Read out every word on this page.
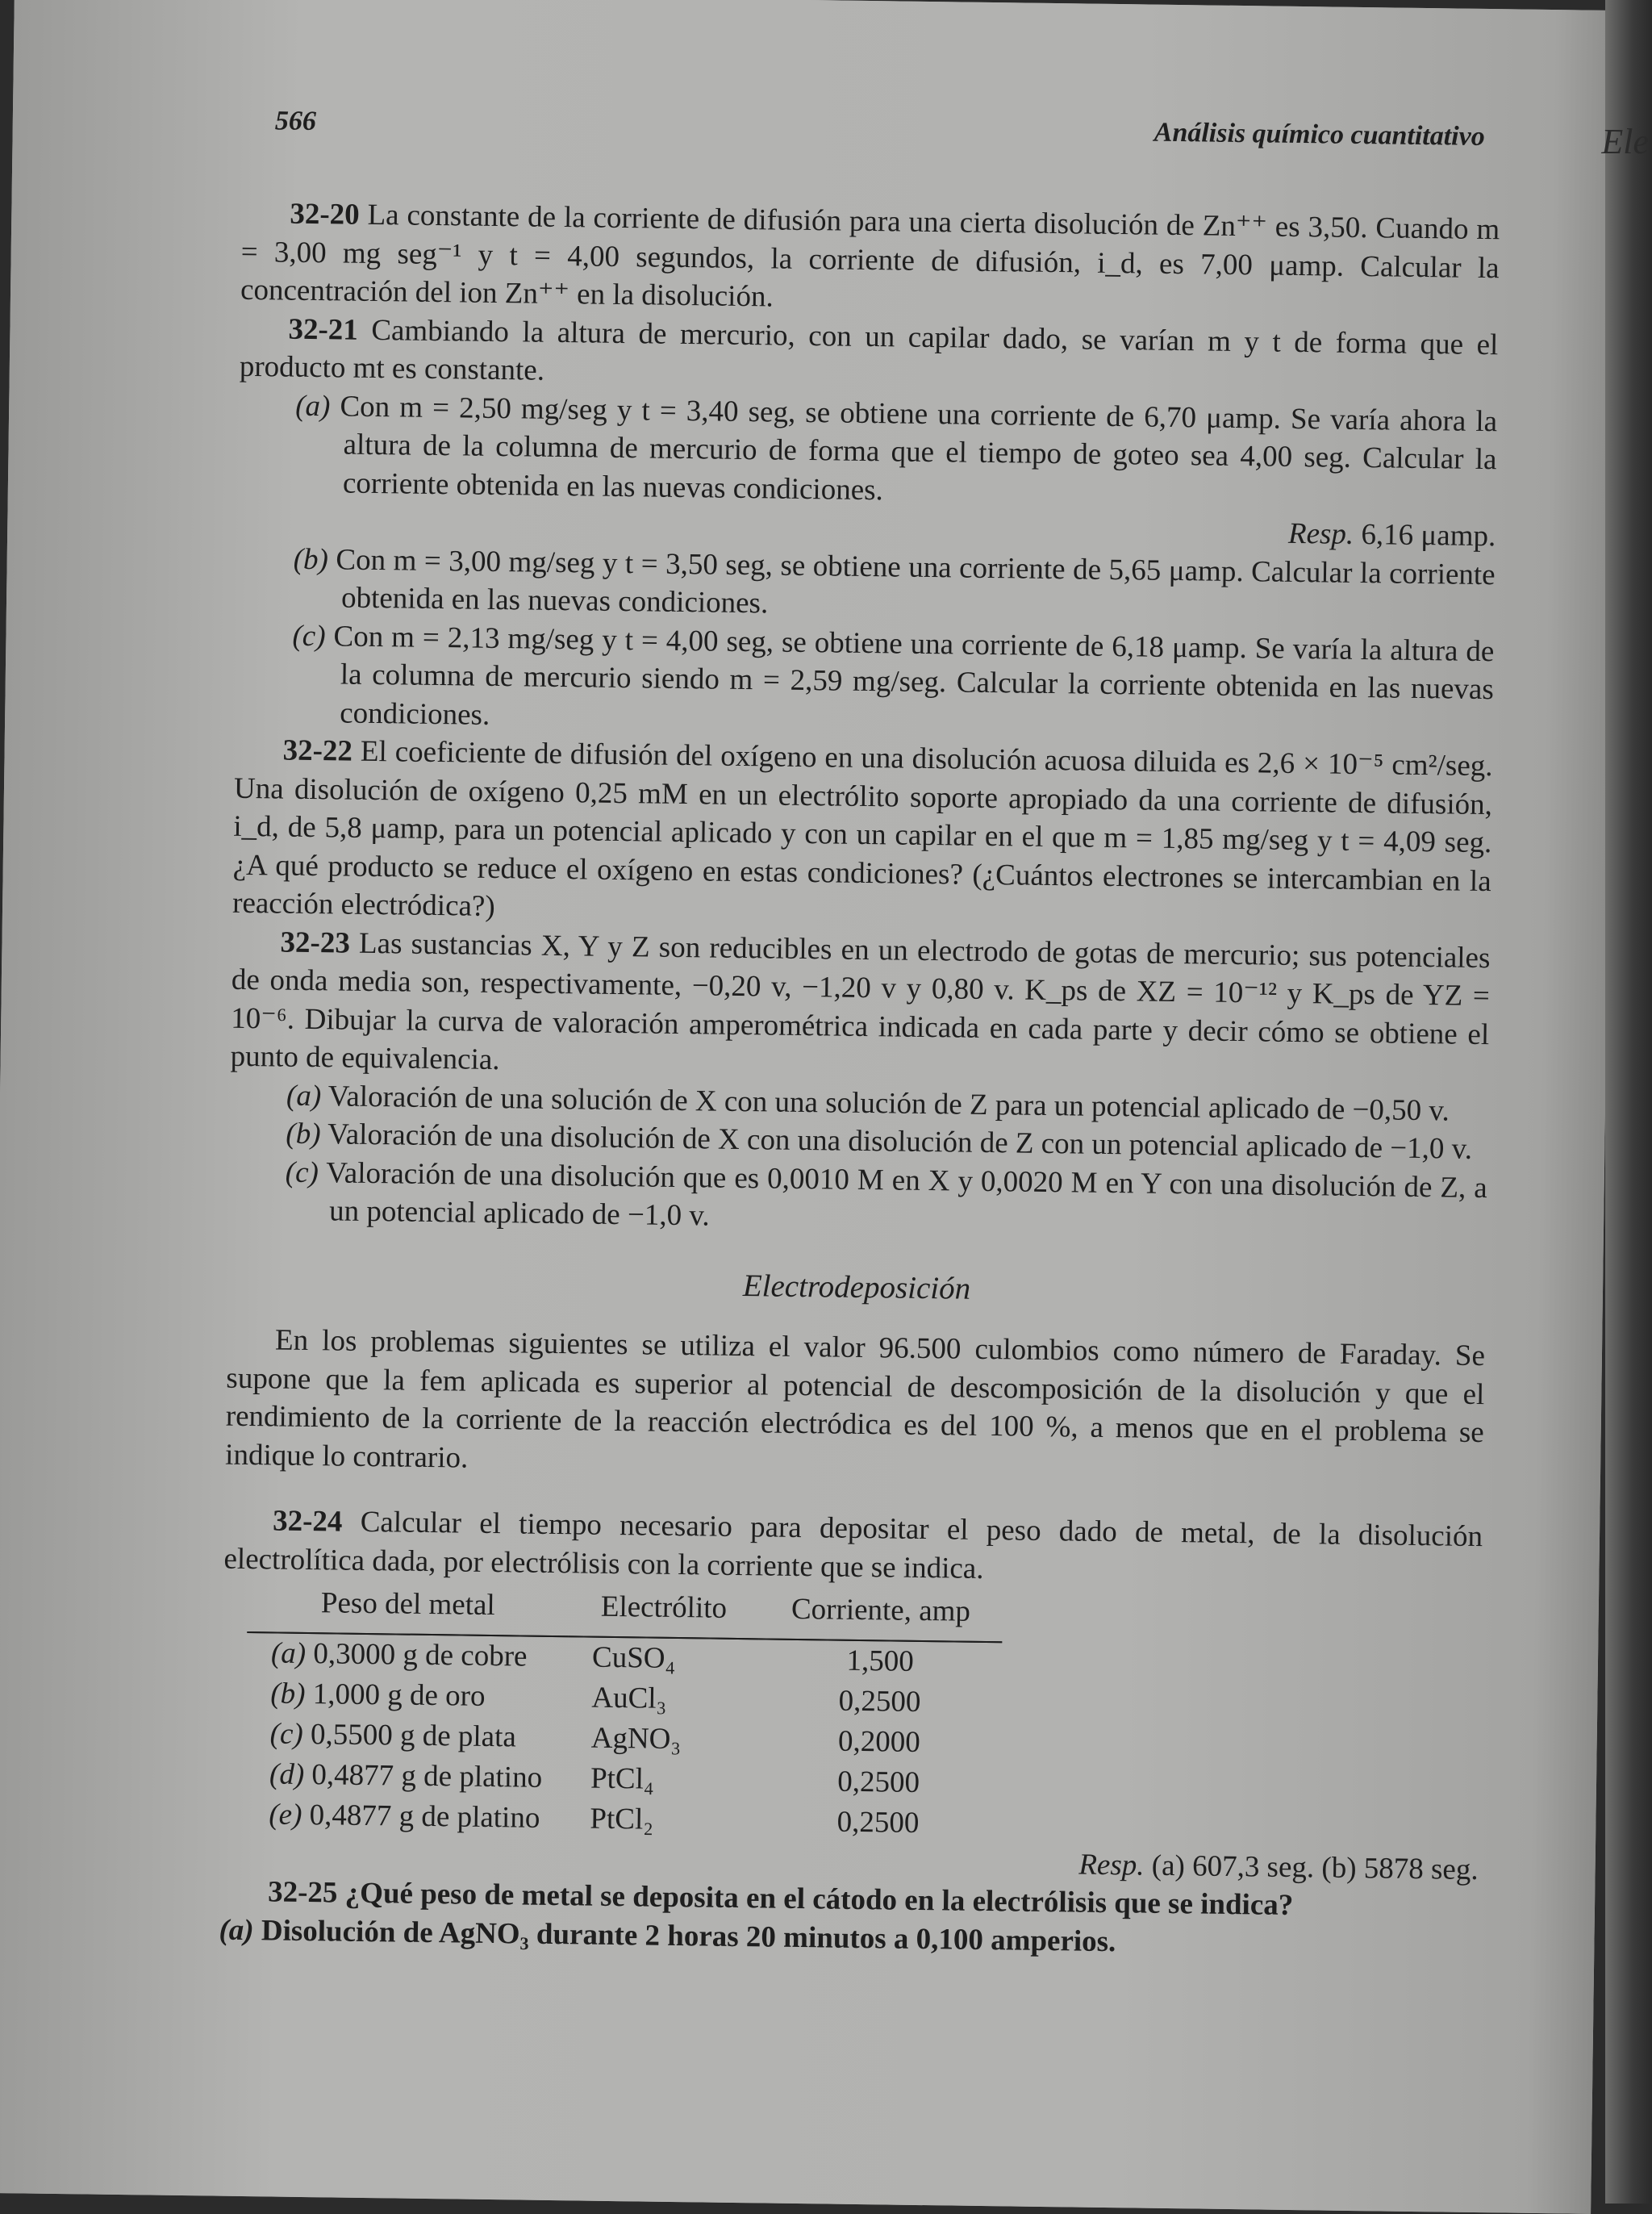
566	Análisis químico cuantitativo

32-20 La constante de la corriente de difusión para una cierta disolución de Zn⁺⁺ es 3,50. Cuando m = 3,00 mg seg⁻¹ y t = 4,00 segundos, la corriente de difusión, i_d, es 7,00 μamp. Calcular la concentración del ion Zn⁺⁺ en la disolución.

32-21 Cambiando la altura de mercurio, con un capilar dado, se varían m y t de forma que el producto mt es constante.

(a) Con m = 2,50 mg/seg y t = 3,40 seg, se obtiene una corriente de 6,70 μamp. Se varía ahora la altura de la columna de mercurio de forma que el tiempo de goteo sea 4,00 seg. Calcular la corriente obtenida en las nuevas condiciones.

Resp. 6,16 μamp.

(b) Con m = 3,00 mg/seg y t = 3,50 seg, se obtiene una corriente de 5,65 μamp. Calcular la corriente obtenida en las nuevas condiciones.

(c) Con m = 2,13 mg/seg y t = 4,00 seg, se obtiene una corriente de 6,18 μamp. Se varía la altura de la columna de mercurio siendo m = 2,59 mg/seg. Calcular la corriente obtenida en las nuevas condiciones.

32-22 El coeficiente de difusión del oxígeno en una disolución acuosa diluida es 2,6 × 10⁻⁵ cm²/seg. Una disolución de oxígeno 0,25 mM en un electrólito soporte apropiado da una corriente de difusión, i_d, de 5,8 μamp, para un potencial aplicado y con un capilar en el que m = 1,85 mg/seg y t = 4,09 seg. ¿A qué producto se reduce el oxígeno en estas condiciones? (¿Cuántos electrones se intercambian en la reacción electródica?)

32-23 Las sustancias X, Y y Z son reducibles en un electrodo de gotas de mercurio; sus potenciales de onda media son, respectivamente, −0,20 v, −1,20 v y 0,80 v. K_ps de XZ = 10⁻¹² y K_ps de YZ = 10⁻⁶. Dibujar la curva de valoración amperométrica indicada en cada parte y decir cómo se obtiene el punto de equivalencia.

(a) Valoración de una solución de X con una solución de Z para un potencial aplicado de −0,50 v.

(b) Valoración de una disolución de X con una disolución de Z con un potencial aplicado de −1,0 v.

(c) Valoración de una disolución que es 0,0010 M en X y 0,0020 M en Y con una disolución de Z, a un potencial aplicado de −1,0 v.

Electrodeposición

En los problemas siguientes se utiliza el valor 96.500 culombios como número de Faraday. Se supone que la fem aplicada es superior al potencial de descomposición de la disolución y que el rendimiento de la corriente de la reacción electródica es del 100 %, a menos que en el problema se indique lo contrario.

32-24 Calcular el tiempo necesario para depositar el peso dado de metal, de la disolución electrolítica dada, por electrólisis con la corriente que se indica.

Peso del metal	Electrólito	Corriente, amp
(a) 0,3000 g de cobre	CuSO₄	1,500
(b) 1,000 g de oro	AuCl₃	0,2500
(c) 0,5500 g de plata	AgNO₃	0,2000
(d) 0,4877 g de platino	PtCl₄	0,2500
(e) 0,4877 g de platino	PtCl₂	0,2500

Resp. (a) 607,3 seg. (b) 5878 seg.

32-25 ¿Qué peso de metal se deposita en el cátodo en la electrólisis que se indica?

(a) Disolución de AgNO₃ durante 2 horas 20 minutos a 0,100 amperios.

Ele
